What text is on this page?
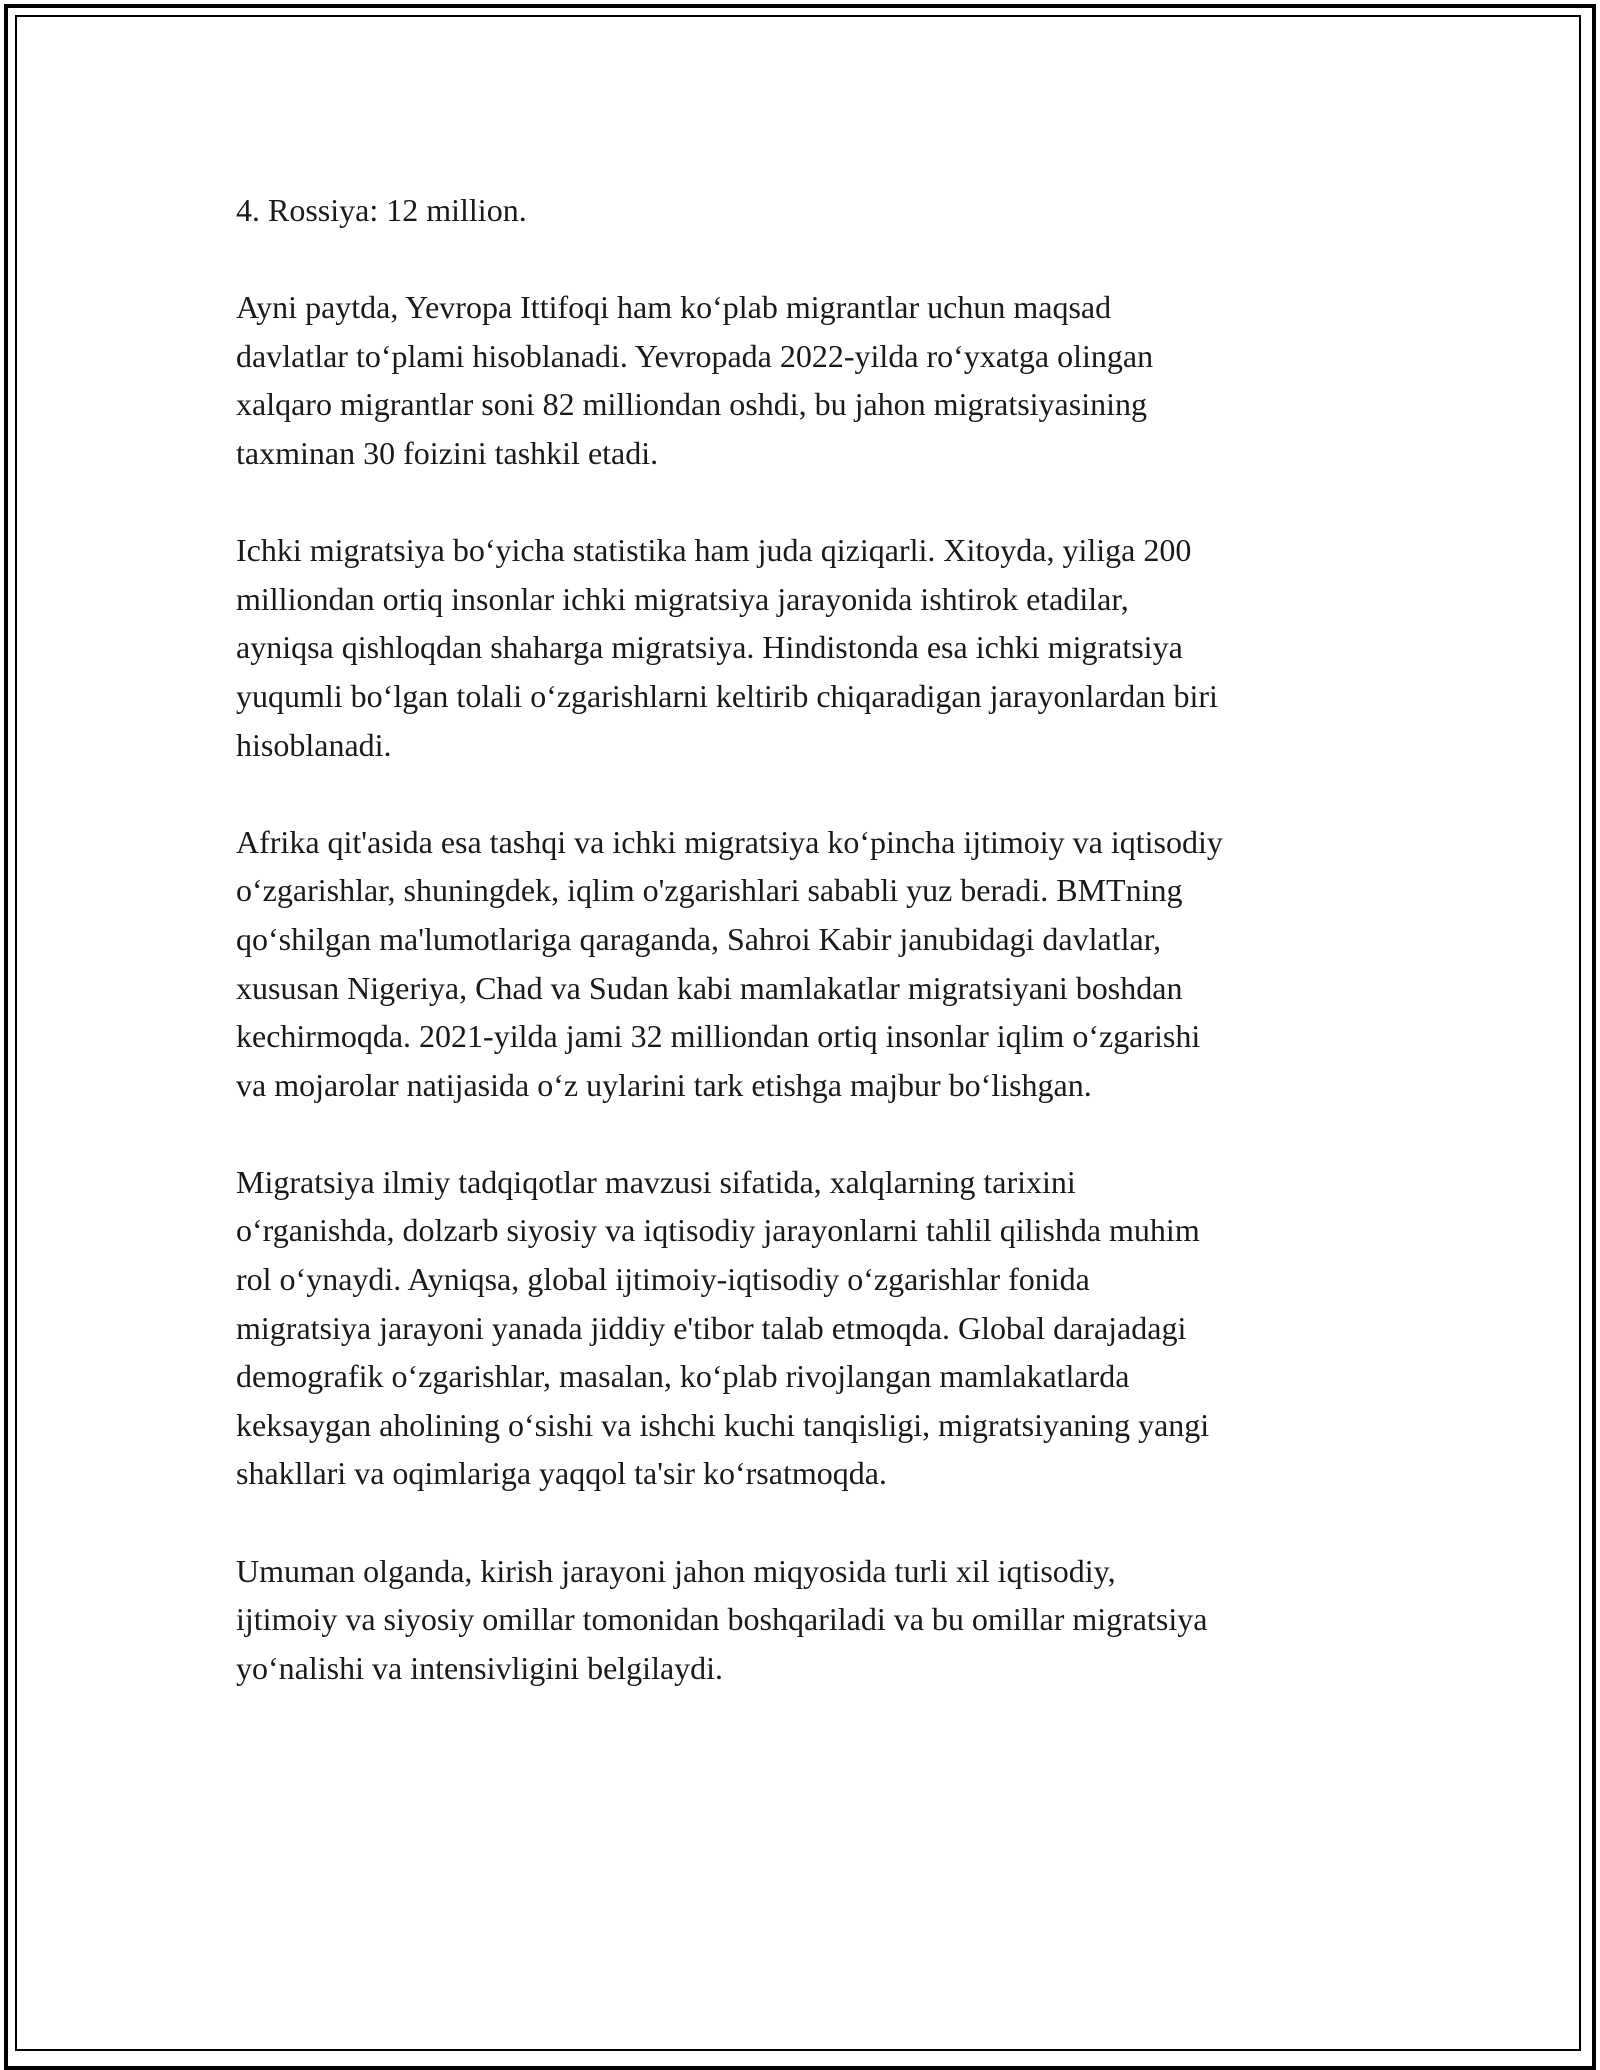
4. Rossiya: 12 million.

Ayni paytda, Yevropa Ittifoqi ham ko‘plab migrantlar uchun maqsad
davlatlar to‘plami hisoblanadi. Yevropada 2022-yilda ro‘yxatga olingan
xalqaro migrantlar soni 82 milliondan oshdi, bu jahon migratsiyasining
taxminan 30 foizini tashkil etadi.

Ichki migratsiya bo‘yicha statistika ham juda qiziqarli. Xitoyda, yiliga 200
milliondan ortiq insonlar ichki migratsiya jarayonida ishtirok etadilar,
ayniqsa qishloqdan shaharga migratsiya. Hindistonda esa ichki migratsiya
yuqumli bo‘lgan tolali o‘zgarishlarni keltirib chiqaradigan jarayonlardan biri
hisoblanadi.

Afrika qit'asida esa tashqi va ichki migratsiya ko‘pincha ijtimoiy va iqtisodiy
o‘zgarishlar, shuningdek, iqlim o'zgarishlari sababli yuz beradi. BMTning
qo‘shilgan ma'lumotlariga qaraganda, Sahroi Kabir janubidagi davlatlar,
xususan Nigeriya, Chad va Sudan kabi mamlakatlar migratsiyani boshdan
kechirmoqda. 2021-yilda jami 32 milliondan ortiq insonlar iqlim o‘zgarishi
va mojarolar natijasida o‘z uylarini tark etishga majbur bo‘lishgan.

Migratsiya ilmiy tadqiqotlar mavzusi sifatida, xalqlarning tarixini
o‘rganishda, dolzarb siyosiy va iqtisodiy jarayonlarni tahlil qilishda muhim
rol o‘ynaydi. Ayniqsa, global ijtimoiy-iqtisodiy o‘zgarishlar fonida
migratsiya jarayoni yanada jiddiy e'tibor talab etmoqda. Global darajadagi
demografik o‘zgarishlar, masalan, ko‘plab rivojlangan mamlakatlarda
keksaygan aholining o‘sishi va ishchi kuchi tanqisligi, migratsiyaning yangi
shakllari va oqimlariga yaqqol ta'sir ko‘rsatmoqda.

Umuman olganda, kirish jarayoni jahon miqyosida turli xil iqtisodiy,
ijtimoiy va siyosiy omillar tomonidan boshqariladi va bu omillar migratsiya
yo‘nalishi va intensivligini belgilaydi.
